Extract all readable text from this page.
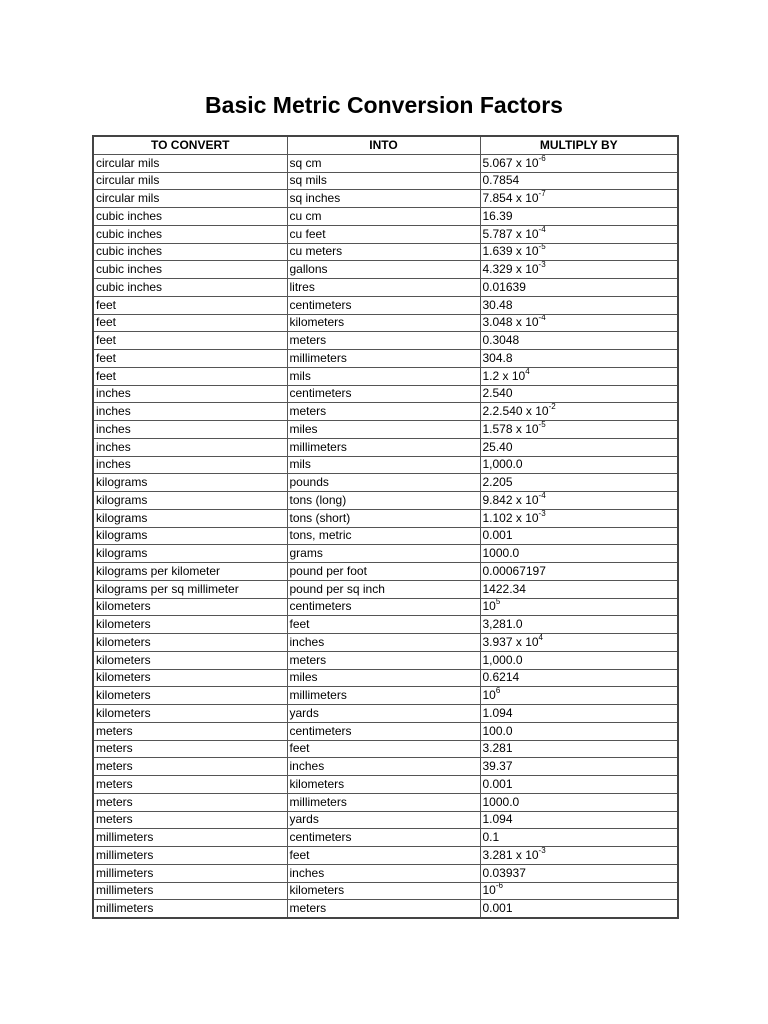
Basic Metric Conversion Factors
TO CONVERT	INTO	MULTIPLY BY
circular mils	sq cm	5.067 x $10^{-6}$
circular mils	sq mils	0.7854
circular mils	sq inches	7.854 x $10^{-7}$
cubic inches	cu cm	16.39
cubic inches	cu feet	5.787 x $10^{-4}$
cubic inches	cu meters	1.639 x $10^{-5}$
cubic inches	gallons	4.329 x $10^{-3}$
cubic inches	litres	0.01639
feet	centimeters	30.48
feet	kilometers	3.048 x $10^{-4}$
feet	meters	0.3048
feet	millimeters	304.8
feet	mils	1.2 x $10^4$
inches	centimeters	2.540
inches	meters	2.2.540 x $10^{-2}$
inches	miles	1.578 x $10^{-5}$
inches	millimeters	25.40
inches	mils	1,000.0
kilograms	pounds	2.205
kilograms	tons (long)	9.842 x $10^{-4}$
kilograms	tons (short)	1.102 x $10^{-3}$
kilograms	tons, metric	0.001
kilograms	grams	1000.0
kilograms per kilometer	pound per foot	0.00067197
kilograms per sq millimeter	pound per sq inch	1422.34
kilometers	centimeters	$10^5$
kilometers	feet	3,281.0
kilometers	inches	3.937 x $10^4$
kilometers	meters	1,000.0
kilometers	miles	0.6214
kilometers	millimeters	$10^6$
kilometers	yards	1.094
meters	centimeters	100.0
meters	feet	3.281
meters	inches	39.37
meters	kilometers	0.001
meters	millimeters	1000.0
meters	yards	1.094
millimeters	centimeters	0.1
millimeters	feet	3.281 x $10^{-3}$
millimeters	inches	0.03937
millimeters	kilometers	$10^{-6}$
millimeters	meters	0.001
